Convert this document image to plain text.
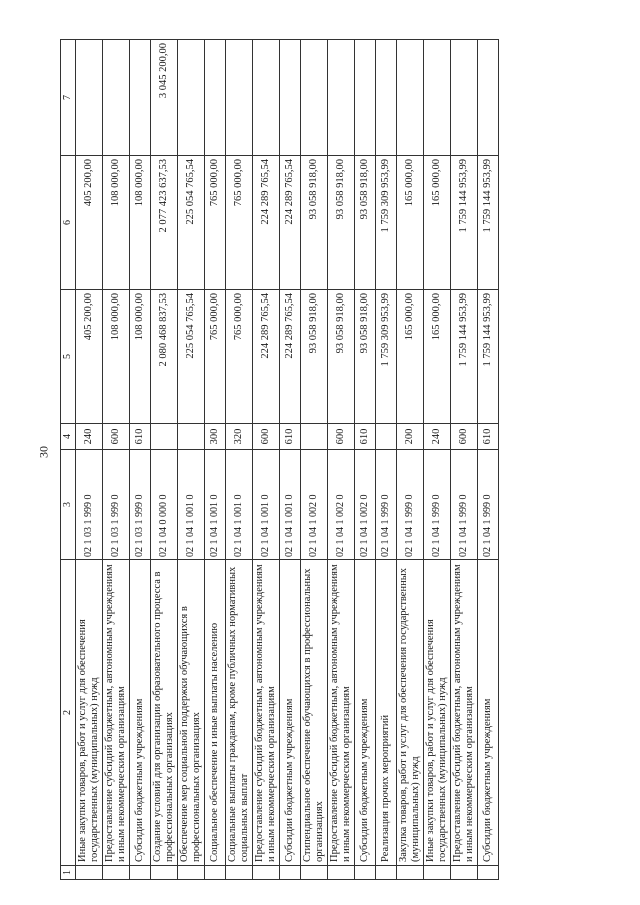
30
1	2	3	4	5	6	7
	Иные закупки товаров, работ и услуг для обеспечения государственных (муниципальных) нужд	02 1 03 1 999 0	240	405 200,00	405 200,00	
	Предоставление субсидий бюджетным, автономным учреждениям и иным некоммерческим организациям	02 1 03 1 999 0	600	108 000,00	108 000,00	
	Субсидии бюджетным учреждениям	02 1 03 1 999 0	610	108 000,00	108 000,00	
	Создание условий для организации образовательного процесса в профессиональных организациях	02 1 04 0 000 0		2 080 468 837,53	2 077 423 637,53	3 045 200,00
	Обеспечение мер социальной поддержки обучающихся в профессиональных организациях	02 1 04 1 001 0		225 054 765,54	225 054 765,54	
	Социальное обеспечение и иные выплаты населению	02 1 04 1 001 0	300	765 000,00	765 000,00	
	Социальные выплаты гражданам, кроме публичных нормативных социальных выплат	02 1 04 1 001 0	320	765 000,00	765 000,00	
	Предоставление субсидий бюджетным, автономным учреждениям и иным некоммерческим организациям	02 1 04 1 001 0	600	224 289 765,54	224 289 765,54	
	Субсидии бюджетным учреждениям	02 1 04 1 001 0	610	224 289 765,54	224 289 765,54	
	Стипендиальное обеспечение обучающихся в профессиональных организациях	02 1 04 1 002 0		93 058 918,00	93 058 918,00	
	Предоставление субсидий бюджетным, автономным учреждениям и иным некоммерческим организациям	02 1 04 1 002 0	600	93 058 918,00	93 058 918,00	
	Субсидии бюджетным учреждениям	02 1 04 1 002 0	610	93 058 918,00	93 058 918,00	
	Реализация прочих мероприятий	02 1 04 1 999 0		1 759 309 953,99	1 759 309 953,99	
	Закупка товаров, работ и услуг для обеспечения государственных (муниципальных) нужд	02 1 04 1 999 0	200	165 000,00	165 000,00	
	Иные закупки товаров, работ и услуг для обеспечения государственных (муниципальных) нужд	02 1 04 1 999 0	240	165 000,00	165 000,00	
	Предоставление субсидий бюджетным, автономным учреждениям и иным некоммерческим организациям	02 1 04 1 999 0	600	1 759 144 953,99	1 759 144 953,99	
	Субсидии бюджетным учреждениям	02 1 04 1 999 0	610	1 759 144 953,99	1 759 144 953,99	
